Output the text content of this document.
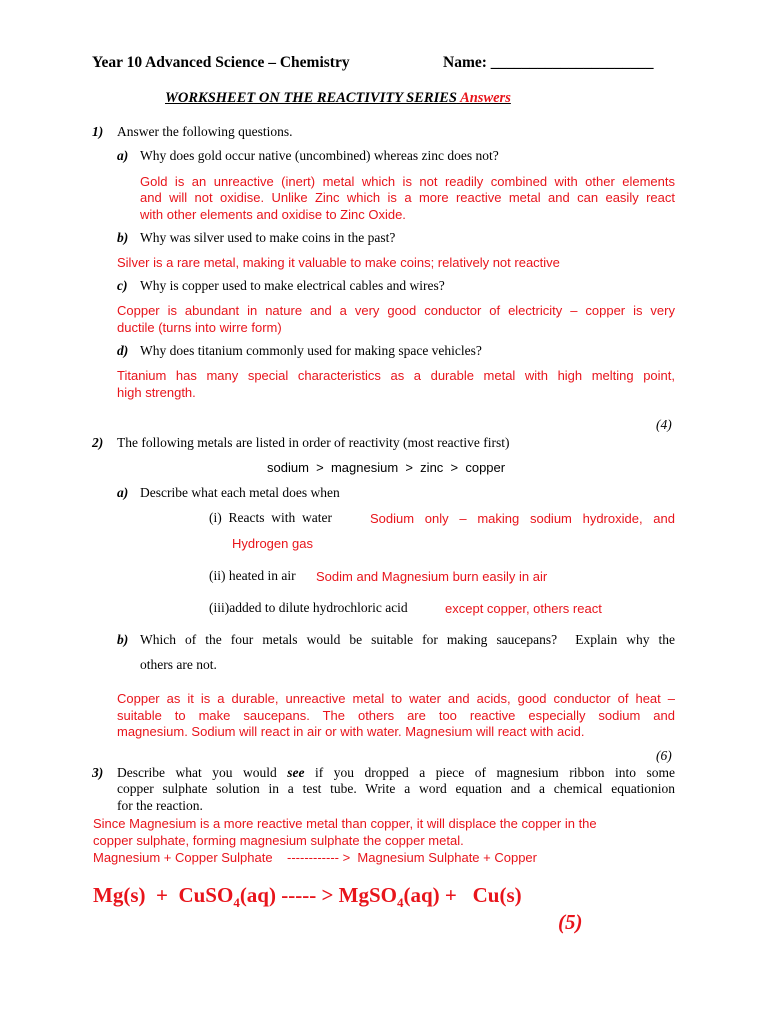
Year 10 Advanced Science – Chemistry	Name: _____________________
WORKSHEET ON THE REACTIVITY SERIES Answers
1) Answer the following questions.
a) Why does gold occur native (uncombined) whereas zinc does not?
Gold is an unreactive (inert) metal which is not readily combined with other elements
and will not oxidise. Unlike Zinc which is a more reactive metal and can easily react
with other elements and oxidise to Zinc Oxide.
b) Why was silver used to make coins in the past?
Silver is a rare metal, making it valuable to make coins; relatively not reactive
c) Why is copper used to make electrical cables and wires?
Copper is abundant in nature and a very good conductor of electricity – copper is very
ductile (turns into wirre form)
d) Why does titanium commonly used for making space vehicles?
Titanium has many special characteristics as a durable metal with high melting point,
high strength.
(4)
2) The following metals are listed in order of reactivity (most reactive first)
sodium  >  magnesium  >  zinc  >  copper
a) Describe what each metal does when
(i)  Reacts  with  water	Sodium  only  –  making  sodium  hydroxide,  and
Hydrogen gas
(ii) heated in air Sodim and Magnesium burn easily in air
(iii)added to dilute hydrochloric acid	except copper, others react
b) Which of the four metals would be suitable for making saucepans?  Explain why the
others are not.
Copper as it is a durable, unreactive metal to water and acids, good conductor of heat –
suitable  to  make  saucepans.  The  others  are  too  reactive  especially  sodium  and
magnesium. Sodium will react in air or with water. Magnesium will react with acid.
(6)
3) Describe what you would see if you dropped a piece of magnesium ribbon into some
copper sulphate solution in a test tube. Write a word equation and a chemical equationion
for the reaction.
Since Magnesium is a more reactive metal than copper, it will displace the copper in the
copper sulphate, forming magnesium sulphate the copper metal.
Magnesium + Copper Sulphate    ------------ >  Magnesium Sulphate + Copper
Mg(s)  +  CuSO$_4$(aq) ----- > MgSO$_4$(aq) +   Cu(s)
(5)
